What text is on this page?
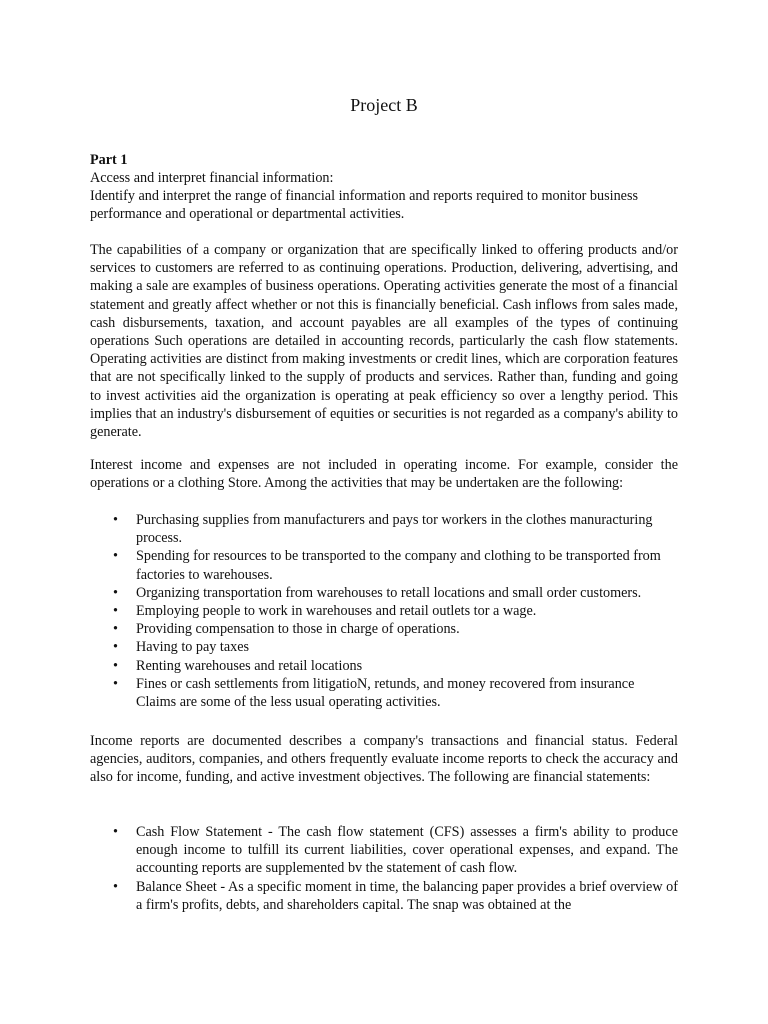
Project B
Part 1

Access and interpret financial information:

Identify and interpret the range of financial information and reports required to monitor business performance and operational or departmental activities.

The capabilities of a company or organization that are specifically linked to offering products and/or services to customers are referred to as continuing operations. Production, delivering, advertising, and making a sale are examples of business operations. Operating activities generate the most of a financial statement and greatly affect whether or not this is financially beneficial. Cash inflows from sales made, cash disbursements, taxation, and account payables are all examples of the types of continuing operations Such operations are detailed in accounting records, particularly the cash flow statements. Operating activities are distinct from making investments or credit lines, which are corporation features that are not specifically linked to the supply of products and services. Rather than, funding and going to invest activities aid the organization is operating at peak efficiency so over a lengthy period. This implies that an industry's disbursement of equities or securities is not regarded as a company's ability to generate.

Interest income and expenses are not included in operating income. For example, consider the operations or a clothing Store. Among the activities that may be undertaken are the following:

• Purchasing supplies from manufacturers and pays tor workers in the clothes manuracturing process.
• Spending for resources to be transported to the company and clothing to be transported from factories to warehouses.
• Organizing transportation from warehouses to retall locations and small order customers.
• Employing people to work in warehouses and retail outlets tor a wage.
• Providing compensation to those in charge of operations.
• Having to pay taxes
• Renting warehouses and retail locations
• Fines or cash settlements from litigatioN, retunds, and money recovered from insurance Claims are some of the less usual operating activities.

Income reports are documented describes a company's transactions and financial status. Federal agencies, auditors, companies, and others frequently evaluate income reports to check the accuracy and also for income, funding, and active investment objectives. The following are financial statements:

• Cash Flow Statement - The cash flow statement (CFS) assesses a firm's ability to produce enough income to tulfill its current liabilities, cover operational expenses, and expand. The accounting reports are supplemented bv the statement of cash flow.
• Balance Sheet - As a specific moment in time, the balancing paper provides a brief overview of a firm's profits, debts, and shareholders capital. The snap was obtained at the
